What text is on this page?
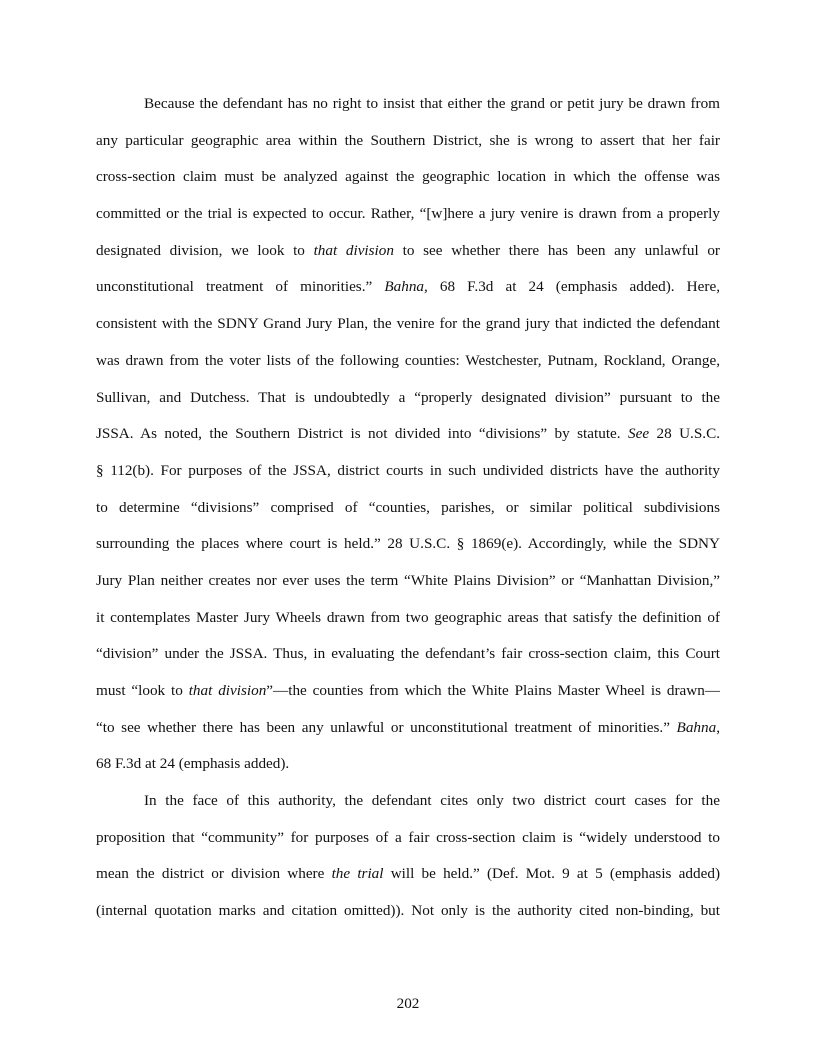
Because the defendant has no right to insist that either the grand or petit jury be drawn from
any particular geographic area within the Southern District, she is wrong to assert that her fair
cross-section claim must be analyzed against the geographic location in which the offense was
committed or the trial is expected to occur. Rather, “[w]here a jury venire is drawn from a properly
designated division, we look to that division to see whether there has been any unlawful or
unconstitutional treatment of minorities.” Bahna, 68 F.3d at 24 (emphasis added). Here,
consistent with the SDNY Grand Jury Plan, the venire for the grand jury that indicted the defendant
was drawn from the voter lists of the following counties: Westchester, Putnam, Rockland, Orange,
Sullivan, and Dutchess. That is undoubtedly a “properly designated division” pursuant to the
JSSA. As noted, the Southern District is not divided into “divisions” by statute. See 28 U.S.C.
§ 112(b). For purposes of the JSSA, district courts in such undivided districts have the authority
to determine “divisions” comprised of “counties, parishes, or similar political subdivisions
surrounding the places where court is held.” 28 U.S.C. § 1869(e). Accordingly, while the SDNY
Jury Plan neither creates nor ever uses the term “White Plains Division” or “Manhattan Division,”
it contemplates Master Jury Wheels drawn from two geographic areas that satisfy the definition of
“division” under the JSSA. Thus, in evaluating the defendant’s fair cross-section claim, this Court
must “look to that division”—the counties from which the White Plains Master Wheel is drawn—
“to see whether there has been any unlawful or unconstitutional treatment of minorities.” Bahna,
68 F.3d at 24 (emphasis added).
In the face of this authority, the defendant cites only two district court cases for the
proposition that “community” for purposes of a fair cross-section claim is “widely understood to
mean the district or division where the trial will be held.” (Def. Mot. 9 at 5 (emphasis added)
(internal quotation marks and citation omitted)). Not only is the authority cited non-binding, but
202
